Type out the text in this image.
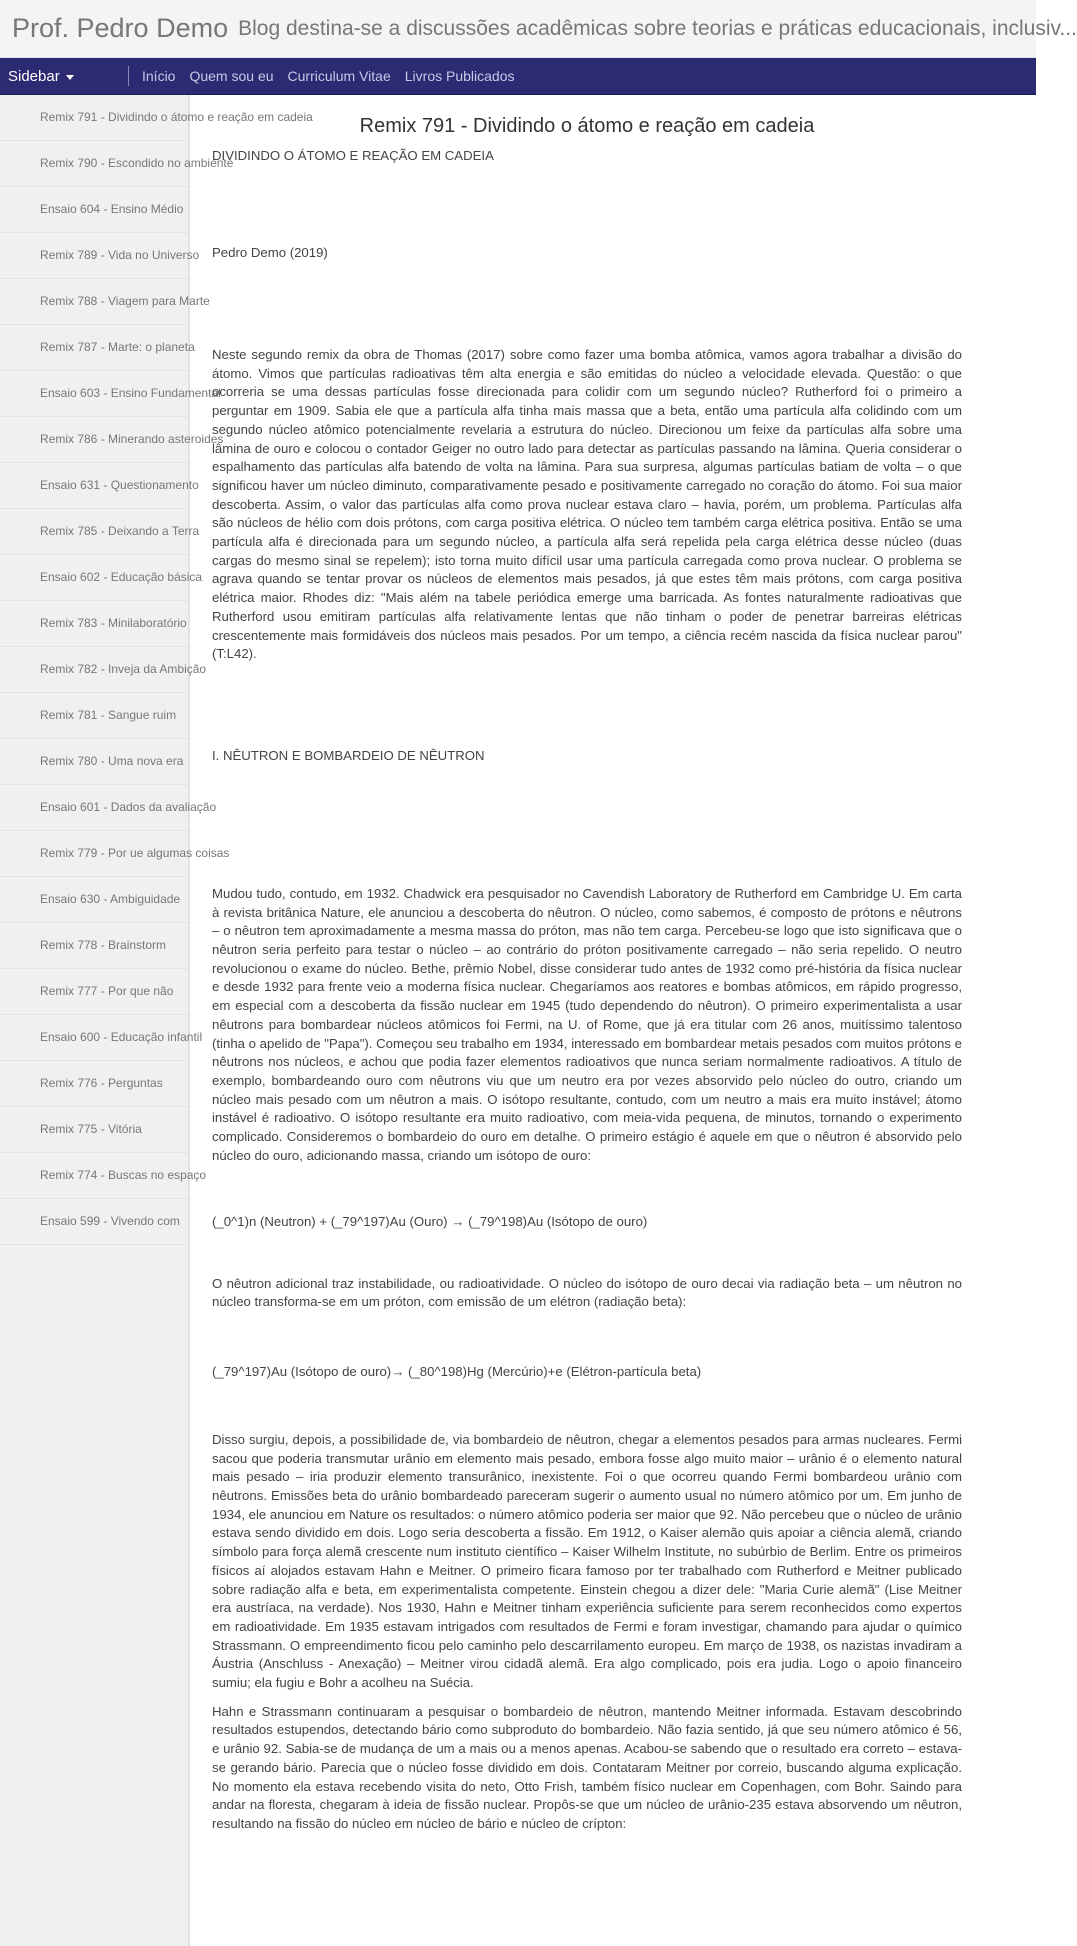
Prof. Pedro Demo Blog destina-se a discussões acadêmicas sobre teorias e práticas educacionais, inclusiv...
Sidebar	Início Quem sou eu Curriculum Vitae Livros Publicados
Remix 791 - Dividindo o átomo e reação em cadeia
Remix 790 - Escondido no ambiente
Ensaio 604 - Ensino Médio
Remix 789 - Vida no Universo
Remix 788 - Viagem para Marte
Remix 787 - Marte: o planeta
Ensaio 603 - Ensino Fundamental
Remix 786 - Minerando asteroides
Ensaio 631 - Questionamento
Remix 785 - Deixando a Terra
Ensaio 602 - Educação básica
Remix 783 - Minilaboratório
Remix 782 - Inveja da Ambição
Remix 781 - Sangue ruim
Remix 780 - Uma nova era
Ensaio 601 - Dados da avaliação
Remix 779 - Por ue algumas coisas
Ensaio 630 - Ambiguidade
Remix 778 - Brainstorm
Remix 777 - Por que não
Ensaio 600 - Educação infantil
Remix 776 - Perguntas
Remix 775 - Vitória
Remix 774 - Buscas no espaço
Ensaio 599 - Vivendo com
Remix 791 - Dividindo o átomo e reação em cadeia
DIVIDINDO O ÁTOMO E REAÇÃO EM CADEIA
Pedro Demo (2019)

Neste segundo remix da obra de Thomas (2017) sobre como fazer uma bomba atômica, vamos agora trabalhar a divisão do átomo. Vimos que partículas radioativas têm alta energia e são emitidas do núcleo a velocidade elevada. Questão: o que ocorreria se uma dessas partículas fosse direcionada para colidir com um segundo núcleo? Rutherford foi o primeiro a perguntar em 1909. Sabia ele que a partícula alfa tinha mais massa que a beta, então uma partícula alfa colidindo com um segundo núcleo atômico potencialmente revelaria a estrutura do núcleo. Direcionou um feixe da partículas alfa sobre uma lâmina de ouro e colocou o contador Geiger no outro lado para detectar as partículas passando na lâmina. Queria considerar o espalhamento das partículas alfa batendo de volta na lâmina. Para sua surpresa, algumas partículas batiam de volta – o que significou haver um núcleo diminuto, comparativamente pesado e positivamente carregado no coração do átomo. Foi sua maior descoberta. Assim, o valor das partículas alfa como prova nuclear estava claro – havia, porém, um problema. Partículas alfa são núcleos de hélio com dois prótons, com carga positiva elétrica. O núcleo tem também carga elétrica positiva. Então se uma partícula alfa é direcionada para um segundo núcleo, a partícula alfa será repelida pela carga elétrica desse núcleo (duas cargas do mesmo sinal se repelem); isto torna muito difícil usar uma partícula carregada como prova nuclear. O problema se agrava quando se tentar provar os núcleos de elementos mais pesados, já que estes têm mais prótons, com carga positiva elétrica maior. Rhodes diz: "Mais além na tabele periódica emerge uma barricada. As fontes naturalmente radioativas que Rutherford usou emitiram partículas alfa relativamente lentas que não tinham o poder de penetrar barreiras elétricas crescentemente mais formidáveis dos núcleos mais pesados. Por um tempo, a ciência recém nascida da física nuclear parou" (T:L42).

I. NÊUTRON E BOMBARDEIO DE NÊUTRON

Mudou tudo, contudo, em 1932. Chadwick era pesquisador no Cavendish Laboratory de Rutherford em Cambridge U. Em carta à revista britânica Nature, ele anunciou a descoberta do nêutron. O núcleo, como sabemos, é composto de prótons e nêutrons – o nêutron tem aproximadamente a mesma massa do próton, mas não tem carga. Percebeu-se logo que isto significava que o nêutron seria perfeito para testar o núcleo – ao contrário do próton positivamente carregado – não seria repelido. O neutro revolucionou o exame do núcleo. Bethe, prêmio Nobel, disse considerar tudo antes de 1932 como pré-história da física nuclear e desde 1932 para frente veio a moderna física nuclear. Chegaríamos aos reatores e bombas atômicos, em rápido progresso, em especial com a descoberta da fissão nuclear em 1945 (tudo dependendo do nêutron). O primeiro experimentalista a usar nêutrons para bombardear núcleos atômicos foi Fermi, na U. of Rome, que já era titular com 26 anos, muitíssimo talentoso (tinha o apelido de "Papa"). Começou seu trabalho em 1934, interessado em bombardear metais pesados com muitos prótons e nêutrons nos núcleos, e achou que podia fazer elementos radioativos que nunca seriam normalmente radioativos. A título de exemplo, bombardeando ouro com nêutrons viu que um neutro era por vezes absorvido pelo núcleo do outro, criando um núcleo mais pesado com um nêutron a mais. O isótopo resultante, contudo, com um neutro a mais era muito instável; átomo instável é radioativo. O isótopo resultante era muito radioativo, com meia-vida pequena, de minutos, tornando o experimento complicado. Consideremos o bombardeio do ouro em detalhe. O primeiro estágio é aquele em que o nêutron é absorvido pelo núcleo do ouro, adicionando massa, criando um isótopo de ouro:

(_0^1)n (Neutron) + (_79^197)Au (Ouro) → (_79^198)Au (Isótopo de ouro)

O nêutron adicional traz instabilidade, ou radioatividade. O núcleo do isótopo de ouro decai via radiação beta – um nêutron no núcleo transforma-se em um próton, com emissão de um elétron (radiação beta):

(_79^197)Au (Isótopo de ouro)→ (_80^198)Hg (Mercúrio)+e (Elétron-partícula beta)

Disso surgiu, depois, a possibilidade de, via bombardeio de nêutron, chegar a elementos pesados para armas nucleares. Fermi sacou que poderia transmutar urânio em elemento mais pesado, embora fosse algo muito maior – urânio é o elemento natural mais pesado – iria produzir elemento transurânico, inexistente. Foi o que ocorreu quando Fermi bombardeou urânio com nêutrons. Emissões beta do urânio bombardeado pareceram sugerir o aumento usual no número atômico por um. Em junho de 1934, ele anunciou em Nature os resultados: o número atômico poderia ser maior que 92. Não percebeu que o núcleo de urânio estava sendo dividido em dois. Logo seria descoberta a fissão. Em 1912, o Kaiser alemão quis apoiar a ciência alemã, criando símbolo para força alemã crescente num instituto científico – Kaiser Wilhelm Institute, no subúrbio de Berlim. Entre os primeiros físicos aí alojados estavam Hahn e Meitner. O primeiro ficara famoso por ter trabalhado com Rutherford e Meitner publicado sobre radiação alfa e beta, em experimentalista competente. Einstein chegou a dizer dele: "Maria Curie alemã" (Lise Meitner era austríaca, na verdade). Nos 1930, Hahn e Meitner tinham experiência suficiente para serem reconhecidos como expertos em radioatividade. Em 1935 estavam intrigados com resultados de Fermi e foram investigar, chamando para ajudar o químico Strassmann. O empreendimento ficou pelo caminho pelo descarrilamento europeu. Em março de 1938, os nazistas invadiram a Áustria (Anschluss - Anexação) – Meitner virou cidadã alemã. Era algo complicado, pois era judia. Logo o apoio financeiro sumiu; ela fugiu e Bohr a acolheu na Suécia.

Hahn e Strassmann continuaram a pesquisar o bombardeio de nêutron, mantendo Meitner informada. Estavam descobrindo resultados estupendos, detectando bário como subproduto do bombardeio. Não fazia sentido, já que seu número atômico é 56, e urânio 92. Sabia-se de mudança de um a mais ou a menos apenas. Acabou-se sabendo que o resultado era correto – estava-se gerando bário. Parecia que o núcleo fosse dividido em dois. Contataram Meitner por correio, buscando alguma explicação. No momento ela estava recebendo visita do neto, Otto Frish, também físico nuclear em Copenhagen, com Bohr. Saindo para andar na floresta, chegaram à ideia de fissão nuclear. Propôs-se que um núcleo de urânio-235 estava absorvendo um nêutron, resultando na fissão do núcleo em núcleo de bário e núcleo de crípton:
